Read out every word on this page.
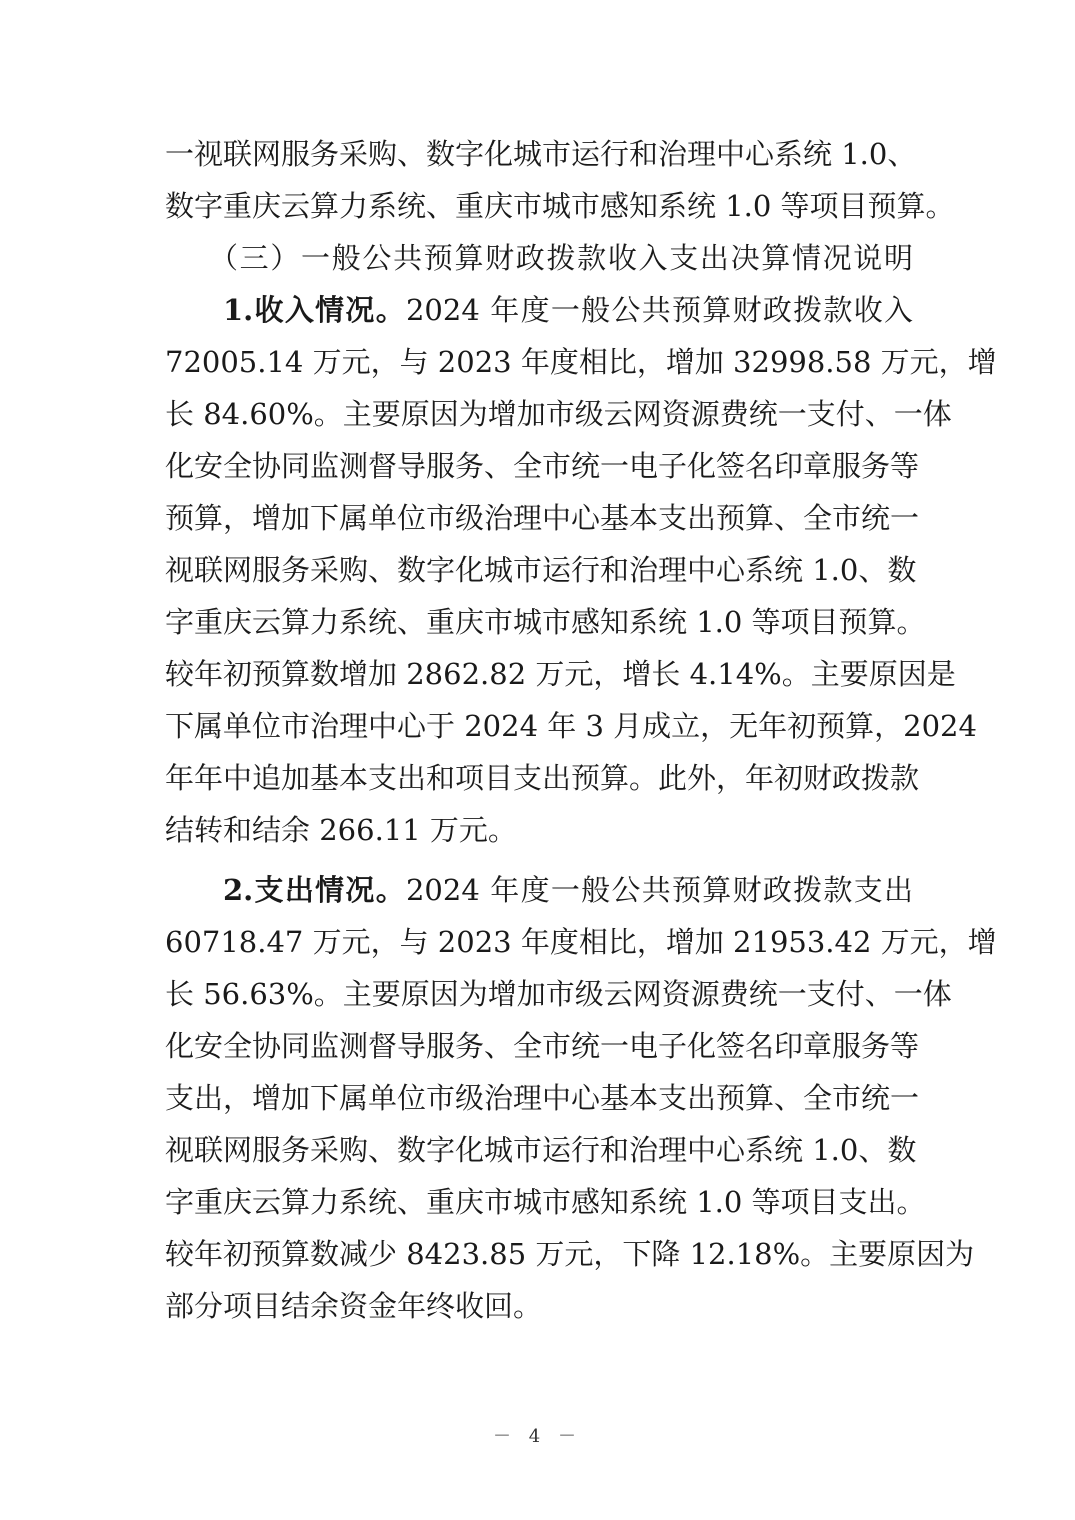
一视联网服务采购、数字化城市运行和治理中心系统 1.0、
数字重庆云算力系统、重庆市城市感知系统 1.0 等项目预算。
（三）一般公共预算财政拨款收入支出决算情况说明
1.收入情况。2024 年度一般公共预算财政拨款收入
72005.14 万元，与 2023 年度相比，增加 32998.58 万元，增
长 84.60%。主要原因为增加市级云网资源费统一支付、一体
化安全协同监测督导服务、全市统一电子化签名印章服务等
预算，增加下属单位市级治理中心基本支出预算、全市统一
视联网服务采购、数字化城市运行和治理中心系统 1.0、数
字重庆云算力系统、重庆市城市感知系统 1.0 等项目预算。
较年初预算数增加 2862.82 万元，增长 4.14%。主要原因是
下属单位市治理中心于 2024 年 3 月成立，无年初预算，2024
年年中追加基本支出和项目支出预算。此外，年初财政拨款
结转和结余 266.11 万元。
2.支出情况。2024 年度一般公共预算财政拨款支出
60718.47 万元，与 2023 年度相比，增加 21953.42 万元，增
长 56.63%。主要原因为增加市级云网资源费统一支付、一体
化安全协同监测督导服务、全市统一电子化签名印章服务等
支出，增加下属单位市级治理中心基本支出预算、全市统一
视联网服务采购、数字化城市运行和治理中心系统 1.0、数
字重庆云算力系统、重庆市城市感知系统 1.0 等项目支出。
较年初预算数减少 8423.85 万元，下降 12.18%。主要原因为
部分项目结余资金年终收回。
－ 4 －
